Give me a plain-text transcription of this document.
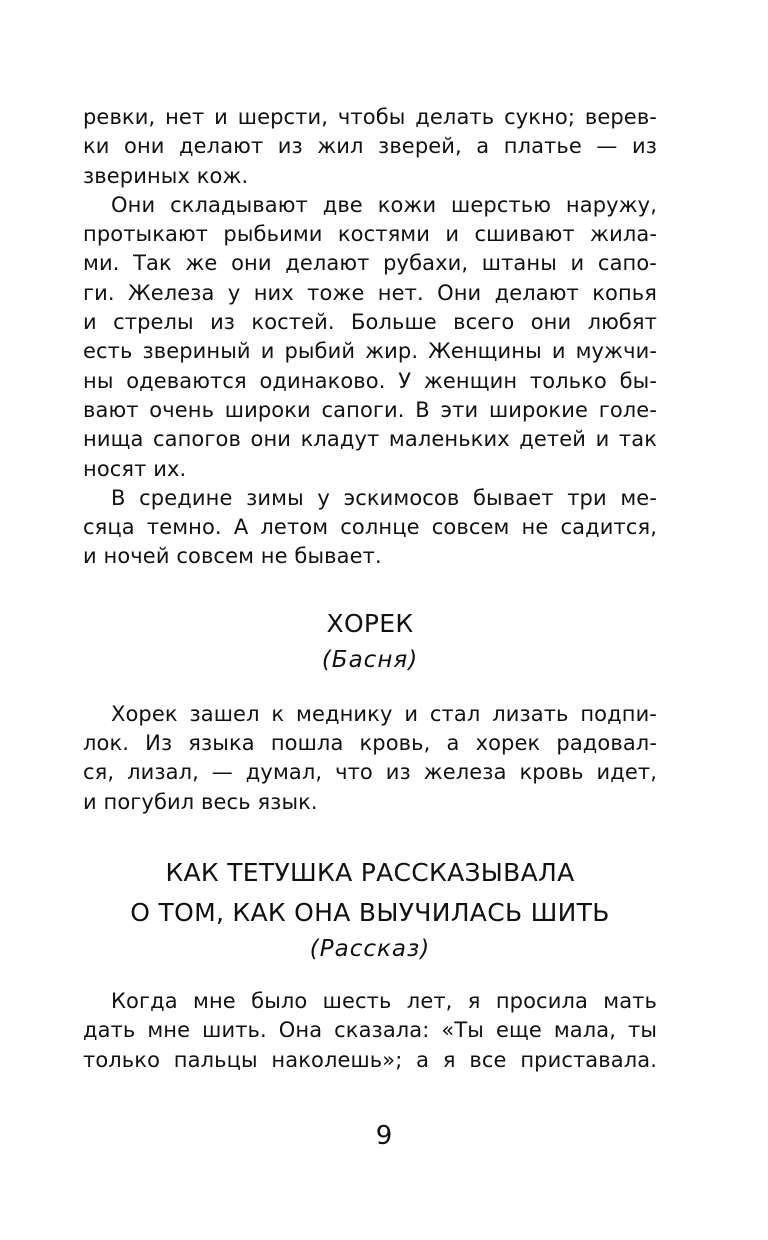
ревки, нет и шерсти, чтобы делать сукно; верев-
ки они делают из жил зверей, а платье — из
звериных кож.
Они складывают две кожи шерстью наружу,
протыкают рыбьими костями и сшивают жила-
ми. Так же они делают рубахи, штаны и сапо-
ги. Железа у них тоже нет. Они делают копья
и стрелы из костей. Больше всего они любят
есть звериный и рыбий жир. Женщины и мужчи-
ны одеваются одинаково. У женщин только бы-
вают очень широки сапоги. В эти широкие голе-
нища сапогов они кладут маленьких детей и так
носят их.
В средине зимы у эскимосов бывает три ме-
сяца темно. А летом солнце совсем не садится,
и ночей совсем не бывает.
ХОРЕК
(Басня)
Хорек зашел к меднику и стал лизать подпи-
лок. Из языка пошла кровь, а хорек радовал-
ся, лизал, — думал, что из железа кровь идет,
и погубил весь язык.
КАК ТЕТУШКА РАССКАЗЫВАЛА
О ТОМ, КАК ОНА ВЫУЧИЛАСЬ ШИТЬ
(Рассказ)
Когда мне было шесть лет, я просила мать
дать мне шить. Она сказала: «Ты еще мала, ты
только пальцы наколешь»; а я все приставала.
9
